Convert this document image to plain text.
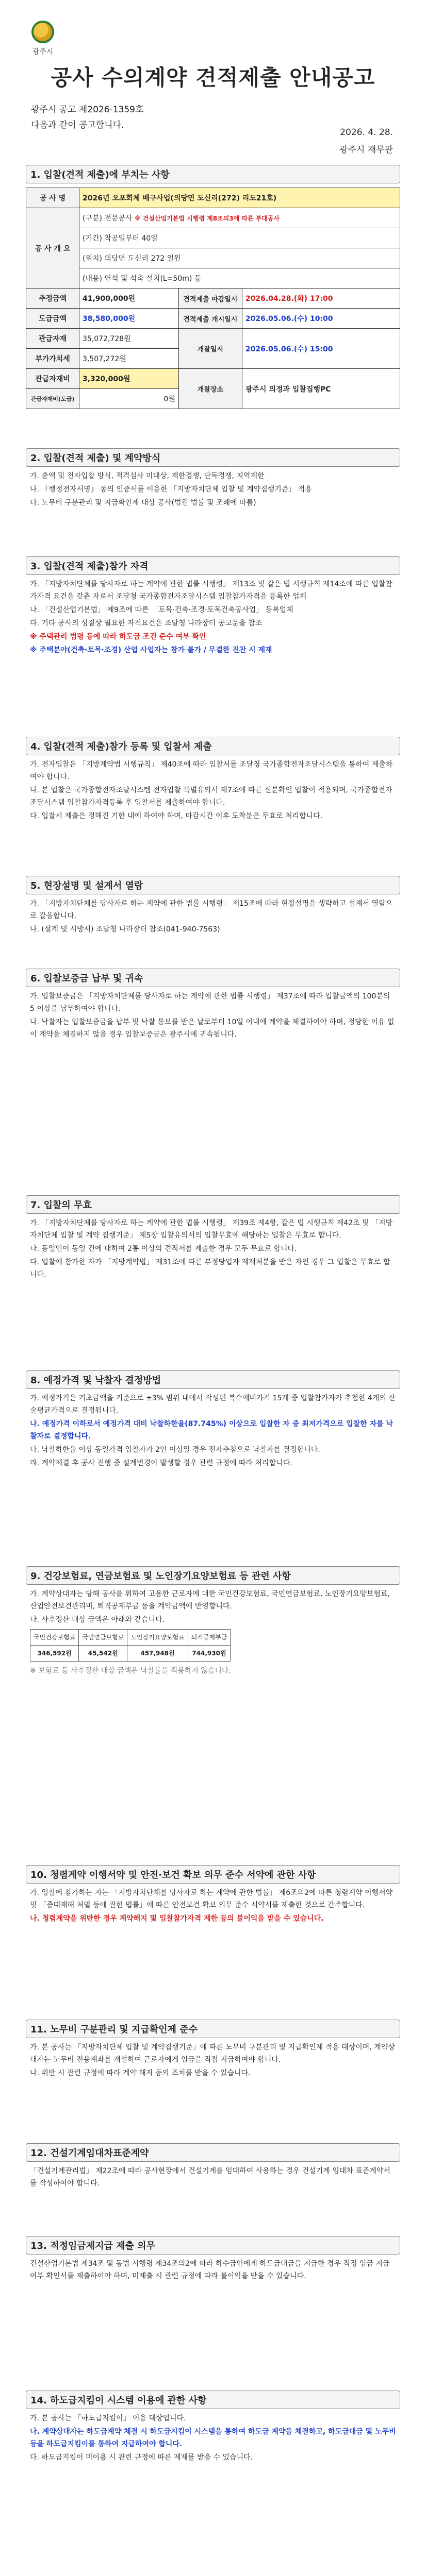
광주시
공사 수의계약 견적제출 안내공고
광주시 공고 제2026-1359호
다음과 같이 공고합니다.
2026. 4. 28.
광주시 재무관
1. 입찰(견적 제출)에 부치는 사항
공 사 명	2026년 오포회체 배구사업(의당면 도신리(272) 리도21호)		
공 사 개 요	(구분) 전문공사 ※ 건설산업기본법 시행령 제8조의3에 따른 부대공사		
	(기간) 착공일부터 40일		
	(위치) 의당면 도신리 272 일원		
	(내용) 연석 및 석축 설치(L=50m) 등		
추정금액	41,900,000원	견적제출 마감일시	2026.04.28.(화) 17:00
도급금액	38,580,000원	견적제출 개시일시	2026.05.06.(수) 10:00
관급자재	35,072,728원	개찰일시	2026.05.06.(수) 15:00
부가가치세	3,507,272원		
관급자재비	3,320,000원	개찰장소	광주시 의정과 입찰집행PC
관급자재비(도급)	0원		
2. 입찰(견적 제출) 및 계약방식

가. 총액 및 전자입찰 방식, 적격심사 미대상, 제한경쟁, 단독경쟁, 지역제한

나. 『행정전자서명』 동의 인증서를 이용한 「지방자치단체 입찰 및 계약집행기준」 적용

다. 노무비 구분관리 및 지급확인제 대상 공사(법원 법률 및 조례에 따름)

3. 입찰(견적 제출)참가 자격

가. 「지방자치단체를 당사자로 하는 계약에 관한 법률 시행령」 제13조 및 같은 법 시행규칙 제14조에 따른 입찰참가자격 요건을 갖춘 자로서 조달청 국가종합전자조달시스템 입찰참가자격을 등록한 업체

나. 「건설산업기본법」 제9조에 따른 「토목·건축·조경·토목건축공사업」 등록업체

다. 기타 공사의 성질상 필요한 자격요건은 조달청 나라장터 공고문을 참조

※ 주택관리 법령 등에 따라 하도급 조건 준수 여부 확인

※ 주택분야(건축·토목·조경) 산업 사업자는 참가 불가 / 무결한 진찬 시 제재

4. 입찰(견적 제출)참가 등록 및 입찰서 제출

가. 전자입찰은 「지방계약법 시행규칙」 제40조에 따라 입찰서를 조달청 국가종합전자조달시스템을 통하여 제출하여야 합니다.

나. 본 입찰은 국가종합전자조달시스템 전자입찰 특별유의서 제7조에 따른 신분확인 입찰이 적용되며, 국가종합전자조달시스템 입찰참가자격등록 후 입찰서를 제출하여야 합니다.

다. 입찰서 제출은 정해진 기한 내에 하여야 하며, 마감시간 이후 도착분은 무효로 처리합니다.

5. 현장설명 및 설계서 열람

가. 「지방자치단체를 당사자로 하는 계약에 관한 법률 시행령」 제15조에 따라 현장설명을 생략하고 설계서 열람으로 갈음합니다.

나. (설계 및 시방서) 조달청 나라장터 참조(041-940-7563)

6. 입찰보증금 납부 및 귀속

가. 입찰보증금은 「지방자치단체를 당사자로 하는 계약에 관한 법률 시행령」 제37조에 따라 입찰금액의 100분의 5 이상을 납부하여야 합니다.

나. 낙찰자는 입찰보증금을 납부 및 낙찰 통보를 받은 날로부터 10일 이내에 계약을 체결하여야 하며, 정당한 이유 없이 계약을 체결하지 않을 경우 입찰보증금은 광주시에 귀속됩니다.

7. 입찰의 무효

가. 「지방자치단체를 당사자로 하는 계약에 관한 법률 시행령」 제39조 제4항, 같은 법 시행규칙 제42조 및 「지방자치단체 입찰 및 계약 집행기준」 제5장 입찰유의서의 입찰무효에 해당하는 입찰은 무효로 합니다.

나. 동일인이 동일 건에 대하여 2통 이상의 견적서를 제출한 경우 모두 무효로 합니다.

다. 입찰에 참가한 자가 「지방계약법」 제31조에 따른 부정당업자 제재처분을 받은 자인 경우 그 입찰은 무효로 합니다.

8. 예정가격 및 낙찰자 결정방법

가. 예정가격은 기초금액을 기준으로 ±3% 범위 내에서 작성된 복수예비가격 15개 중 입찰참가자가 추첨한 4개의 산술평균가격으로 결정됩니다.

나. 예정가격 이하로서 예정가격 대비 낙찰하한율(87.745%) 이상으로 입찰한 자 중 최저가격으로 입찰한 자를 낙찰자로 결정합니다.

다. 낙찰하한율 이상 동일가격 입찰자가 2인 이상일 경우 전자추첨으로 낙찰자를 결정합니다.

라. 계약체결 후 공사 진행 중 설계변경이 발생할 경우 관련 규정에 따라 처리합니다.

9. 건강보험료, 연금보험료 및 노인장기요양보험료 등 관련 사항

가. 계약상대자는 당해 공사를 위하여 고용한 근로자에 대한 국민건강보험료, 국민연금보험료, 노인장기요양보험료, 산업안전보건관리비, 퇴직공제부금 등을 계약금액에 반영합니다.

나. 사후정산 대상 금액은 아래와 같습니다.

국민건강보험료	국민연금보험료	노인장기요양보험료	퇴직공제부금
346,592원	45,542원	457,948원	744,930원

※ 보험료 등 사후정산 대상 금액은 낙찰률을 적용하지 않습니다.

10. 청렴계약 이행서약 및 안전·보건 확보 의무 준수 서약에 관한 사항

가. 입찰에 참가하는 자는 「지방자치단체를 당사자로 하는 계약에 관한 법률」 제6조의2에 따른 청렴계약 이행서약 및 「중대재해 처벌 등에 관한 법률」에 따른 안전보건 확보 의무 준수 서약서를 제출한 것으로 간주합니다.

나. 청렴계약을 위반한 경우 계약해지 및 입찰참가자격 제한 등의 불이익을 받을 수 있습니다.

11. 노무비 구분관리 및 지급확인제 준수

가. 본 공사는 「지방자치단체 입찰 및 계약집행기준」에 따른 노무비 구분관리 및 지급확인제 적용 대상이며, 계약상대자는 노무비 전용계좌를 개설하여 근로자에게 임금을 직접 지급하여야 합니다.

나. 위반 시 관련 규정에 따라 계약 해지 등의 조치를 받을 수 있습니다.

12. 건설기계임대차표준계약

「건설기계관리법」 제22조에 따라 공사현장에서 건설기계를 임대하여 사용하는 경우 건설기계 임대차 표준계약서를 작성하여야 합니다.

13. 적정임금제지급 제출 의무

건설산업기본법 제34조 및 동법 시행령 제34조의2에 따라 하수급인에게 하도급대금을 지급한 경우 적정 임금 지급 여부 확인서를 제출하여야 하며, 미제출 시 관련 규정에 따라 불이익을 받을 수 있습니다.

14. 하도급지킴이 시스템 이용에 관한 사항

가. 본 공사는 「하도급지킴이」 이용 대상입니다.

나. 계약상대자는 하도급계약 체결 시 하도급지킴이 시스템을 통하여 하도급 계약을 체결하고, 하도급대금 및 노무비 등을 하도급지킴이를 통하여 지급하여야 합니다.

다. 하도급지킴이 미이용 시 관련 규정에 따른 제재를 받을 수 있습니다.
